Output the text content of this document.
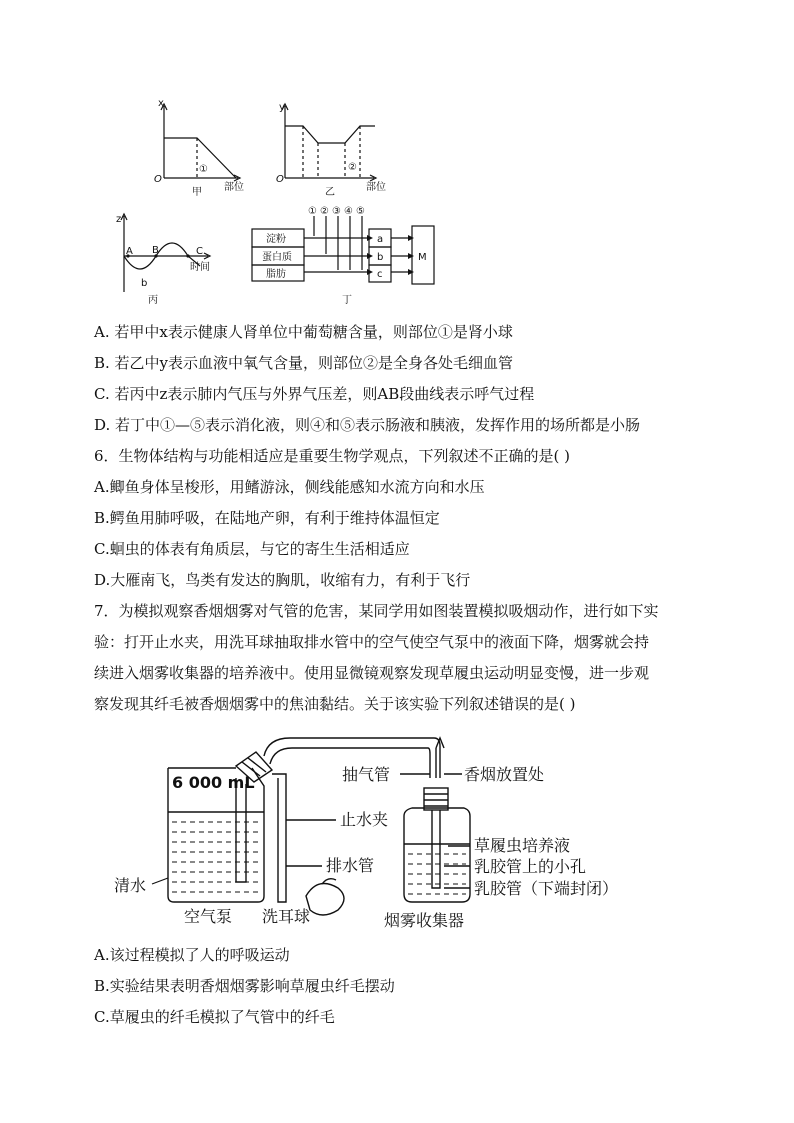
x
O
①
部位
甲
y
O
②
部位
乙
z
A B	C
b
时间
丙
① ② ③ ④ ⑤
淀粉
蛋白质
脂肪
a
b
c
M
丁
A. 若甲中x表示健康人肾单位中葡萄糖含量，则部位①是肾小球
B. 若乙中y表示血液中氧气含量，则部位②是全身各处毛细血管
C. 若丙中z表示肺内气压与外界气压差，则AB段曲线表示呼气过程
D. 若丁中①—⑤表示消化液，则④和⑤表示肠液和胰液，发挥作用的场所都是小肠
6．生物体结构与功能相适应是重要生物学观点，下列叙述不正确的是( )
A.鲫鱼身体呈梭形，用鳍游泳，侧线能感知水流方向和水压
B.鳄鱼用肺呼吸，在陆地产卵，有利于维持体温恒定
C.蛔虫的体表有角质层，与它的寄生生活相适应
D.大雁南飞，鸟类有发达的胸肌，收缩有力，有利于飞行
7．为模拟观察香烟烟雾对气管的危害，某同学用如图装置模拟吸烟动作，进行如下实
验：打开止水夹，用洗耳球抽取排水管中的空气使空气泵中的液面下降，烟雾就会持
续进入烟雾收集器的培养液中。使用显微镜观察发现草履虫运动明显变慢，进一步观
察发现其纤毛被香烟烟雾中的焦油黏结。关于该实验下列叙述错误的是( )
6 000 mL
清水
空气泵 洗耳球	烟雾收集器
抽气管	香烟放置处
止水夹
排水管
草履虫培养液
乳胶管上的小孔
乳胶管（下端封闭）
A.该过程模拟了人的呼吸运动
B.实验结果表明香烟烟雾影响草履虫纤毛摆动
C.草履虫的纤毛模拟了气管中的纤毛
